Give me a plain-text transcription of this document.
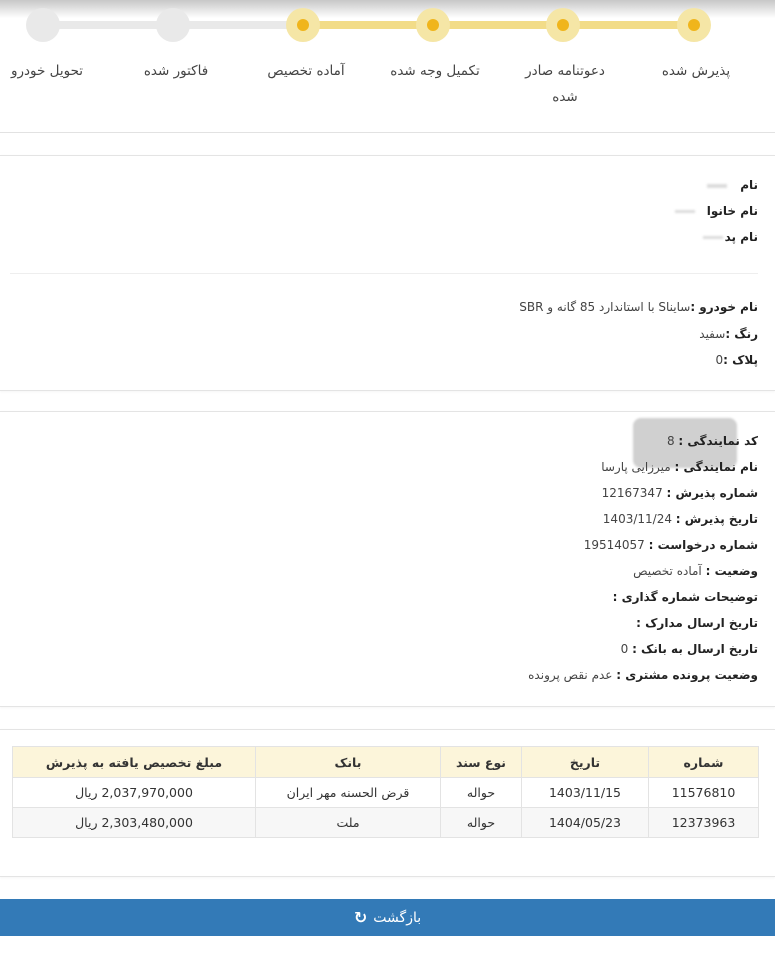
پذیرش شده
دعوتنامه صادر شده
تکمیل وجه شده
آماده تخصیص
فاکتور شده
تحویل خودرو
نام
نام خانوا
نام پد
نام خودرو :ساینا‌S با استاندارد 85 گانه و SBR
رنگ :سفید
پلاک :0
کد نمایندگی : 8
نام نمایندگی : میرزایی پارسا
شماره پذیرش : 12167347
تاریخ پذیرش : 1403/11/24
شماره درخواست : 19514057
وضعیت : آماده تخصیص
توضیحات شماره گذاری :
تاریخ ارسال مدارک :
تاریخ ارسال به بانک : 0
وضعیت پرونده مشتری : عدم نقص پرونده
شماره	تاریخ	نوع سند	بانک	مبلغ تخصیص یافته به پذیرش
11576810	1403/11/15	حواله	قرض الحسنه مهر ایران	2,037,970,000 ریال
12373963	1404/05/23	حواله	ملت	2,303,480,000 ریال
بازگشت
↻
